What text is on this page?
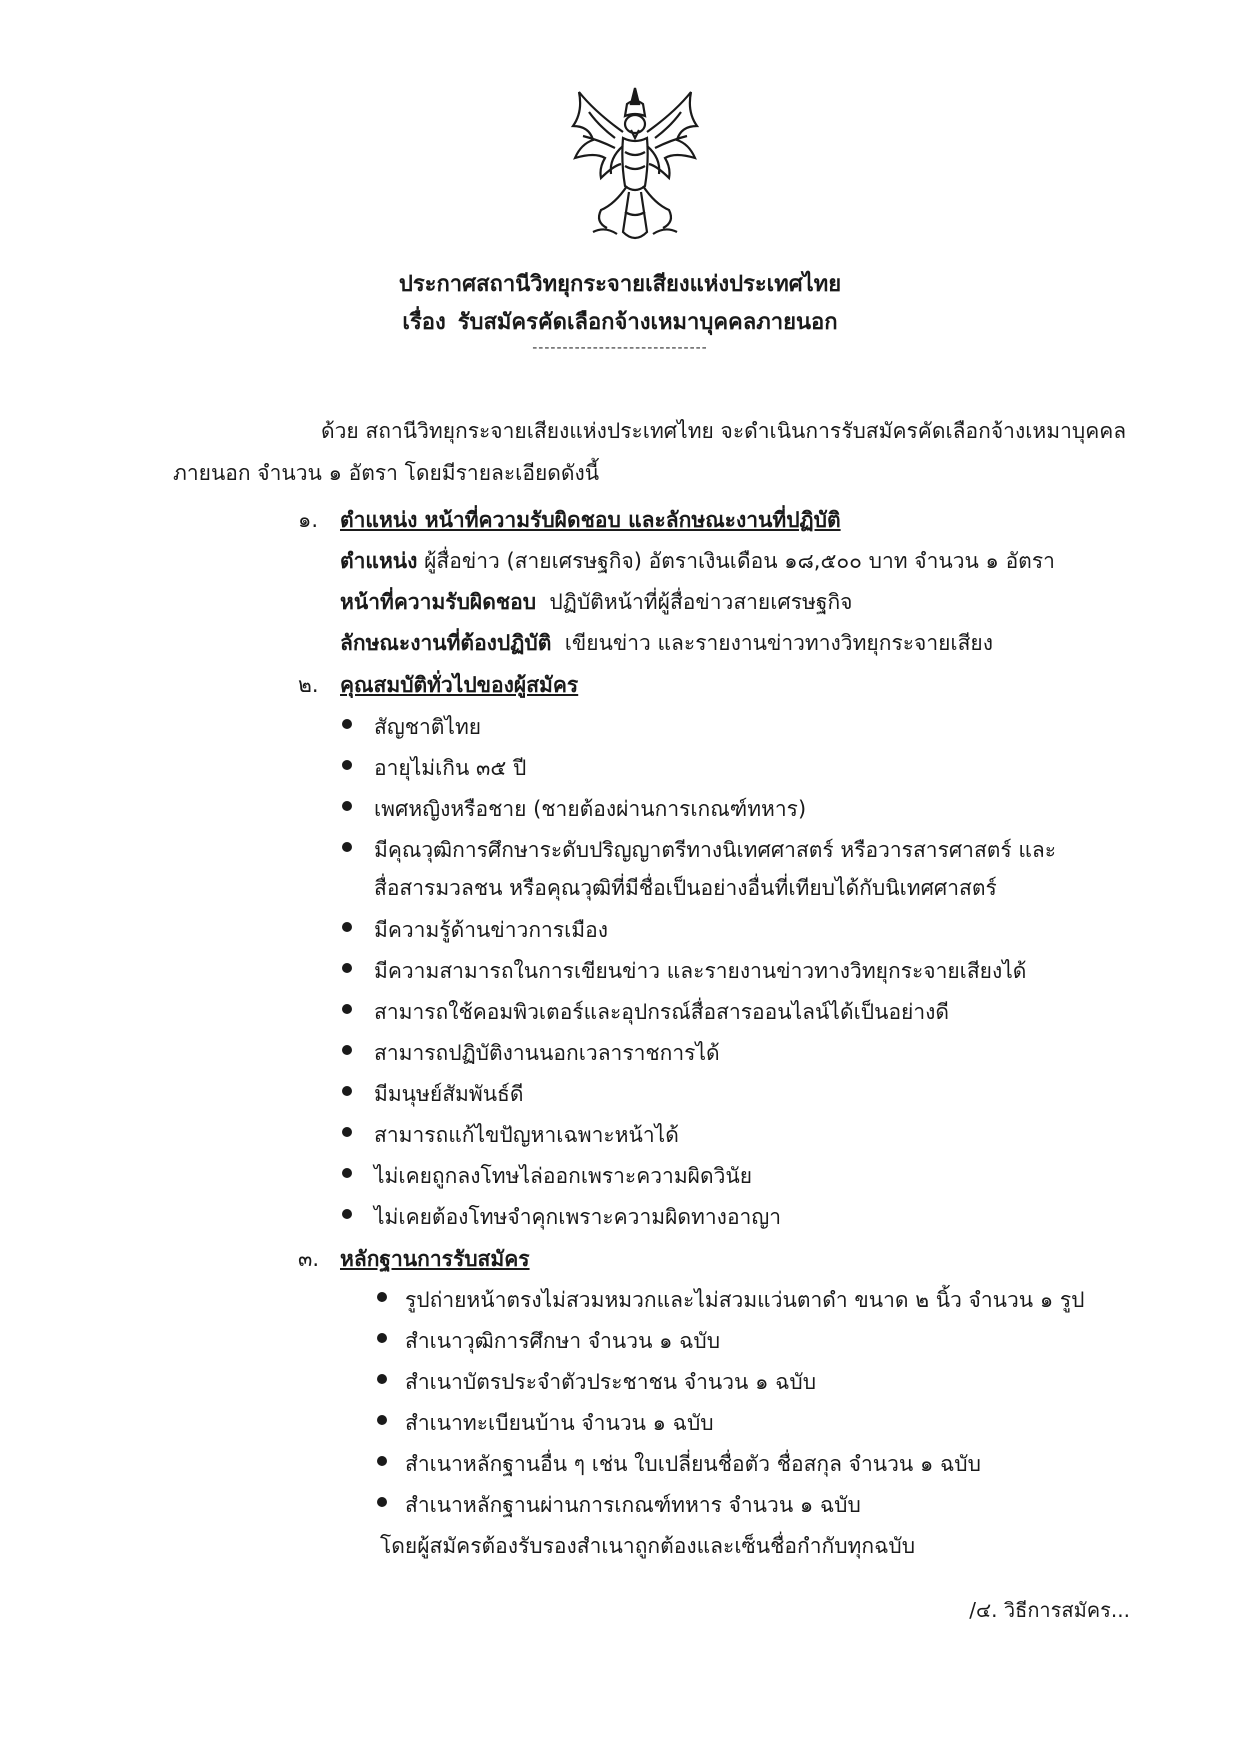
ประกาศสถานีวิทยุกระจายเสียงแห่งประเทศไทย
เรื่อง รับสมัครคัดเลือกจ้างเหมาบุคคลภายนอก
-----------------------------
ด้วย สถานีวิทยุกระจายเสียงแห่งประเทศไทย จะดำเนินการรับสมัครคัดเลือกจ้างเหมาบุคคลภายนอก จำนวน ๑ อัตรา โดยมีรายละเอียดดังนี้
๑. ตำแหน่ง หน้าที่ความรับผิดชอบ และลักษณะงานที่ปฏิบัติ
ตำแหน่ง ผู้สื่อข่าว (สายเศรษฐกิจ) อัตราเงินเดือน ๑๘,๕๐๐ บาท จำนวน ๑ อัตรา
หน้าที่ความรับผิดชอบ ปฏิบัติหน้าที่ผู้สื่อข่าวสายเศรษฐกิจ
ลักษณะงานที่ต้องปฏิบัติ เขียนข่าว และรายงานข่าวทางวิทยุกระจายเสียง
๒. คุณสมบัติทั่วไปของผู้สมัคร
สัญชาติไทย
อายุไม่เกิน ๓๕ ปี
เพศหญิงหรือชาย (ชายต้องผ่านการเกณฑ์ทหาร)
มีคุณวุฒิการศึกษาระดับปริญญาตรีทางนิเทศศาสตร์ หรือวารสารศาสตร์ และ
สื่อสารมวลชน หรือคุณวุฒิที่มีชื่อเป็นอย่างอื่นที่เทียบได้กับนิเทศศาสตร์
มีความรู้ด้านข่าวการเมือง
มีความสามารถในการเขียนข่าว และรายงานข่าวทางวิทยุกระจายเสียงได้
สามารถใช้คอมพิวเตอร์และอุปกรณ์สื่อสารออนไลน์ได้เป็นอย่างดี
สามารถปฏิบัติงานนอกเวลาราชการได้
มีมนุษย์สัมพันธ์ดี
สามารถแก้ไขปัญหาเฉพาะหน้าได้
ไม่เคยถูกลงโทษไล่ออกเพราะความผิดวินัย
ไม่เคยต้องโทษจำคุกเพราะความผิดทางอาญา
๓. หลักฐานการรับสมัคร
รูปถ่ายหน้าตรงไม่สวมหมวกและไม่สวมแว่นตาดำ ขนาด ๒ นิ้ว จำนวน ๑ รูป
สำเนาวุฒิการศึกษา จำนวน ๑ ฉบับ
สำเนาบัตรประจำตัวประชาชน จำนวน ๑ ฉบับ
สำเนาทะเบียนบ้าน จำนวน ๑ ฉบับ
สำเนาหลักฐานอื่น ๆ เช่น ใบเปลี่ยนชื่อตัว ชื่อสกุล จำนวน ๑ ฉบับ
สำเนาหลักฐานผ่านการเกณฑ์ทหาร จำนวน ๑ ฉบับ
โดยผู้สมัครต้องรับรองสำเนาถูกต้องและเซ็นชื่อกำกับทุกฉบับ
/๔. วิธีการสมัคร...
